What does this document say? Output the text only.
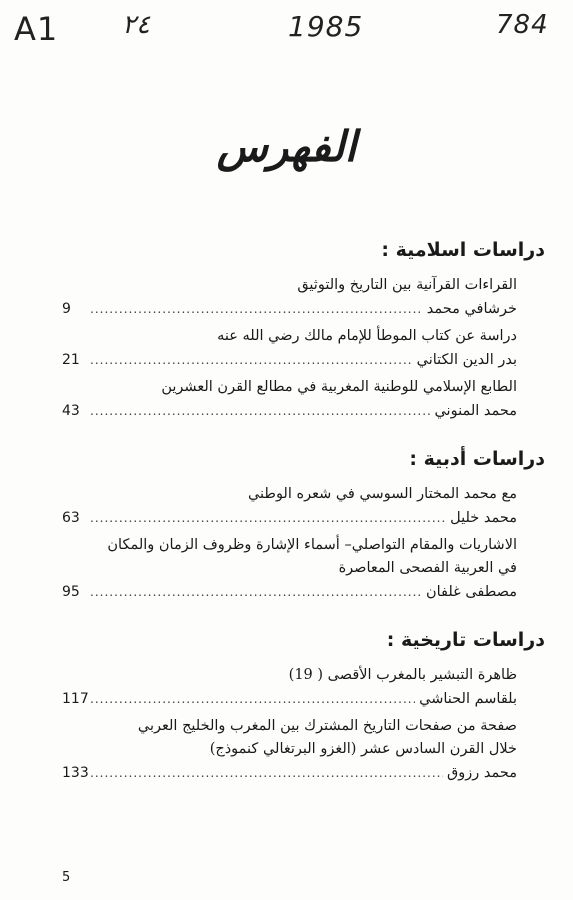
A1 ٢٤	1985	784
الفهرس
دراسات اسلامية :

القراءات القرآنية بين التاريخ والتوثيق

خرشافي محمد
.....
9

دراسة عن كتاب الموطأ للإمام مالك رضي الله عنه

بدر الدين الكتاني
.....
21

الطابع الإسلامي للوطنية المغربية في مطالع القرن العشرين

محمد المنوني
.....
43
دراسات أدبية :

مع محمد المختار السوسي في شعره الوطني

محمد خليل
.....
63

الاشاريات والمقام التواصلي– أسماء الإشارة وظروف الزمان والمكان

في العربية الفصحى المعاصرة

مصطفى غلفان
.....
95
دراسات تاريخية :

ظاهرة التبشير بالمغرب الأقصى ( 19)

بلقاسم الحناشي
.....
117

صفحة من صفحات التاريخ المشترك بين المغرب والخليج العربي

خلال القرن السادس عشر (الغزو البرتغالي كنموذج)

محمد رزوق
.....
133
5
